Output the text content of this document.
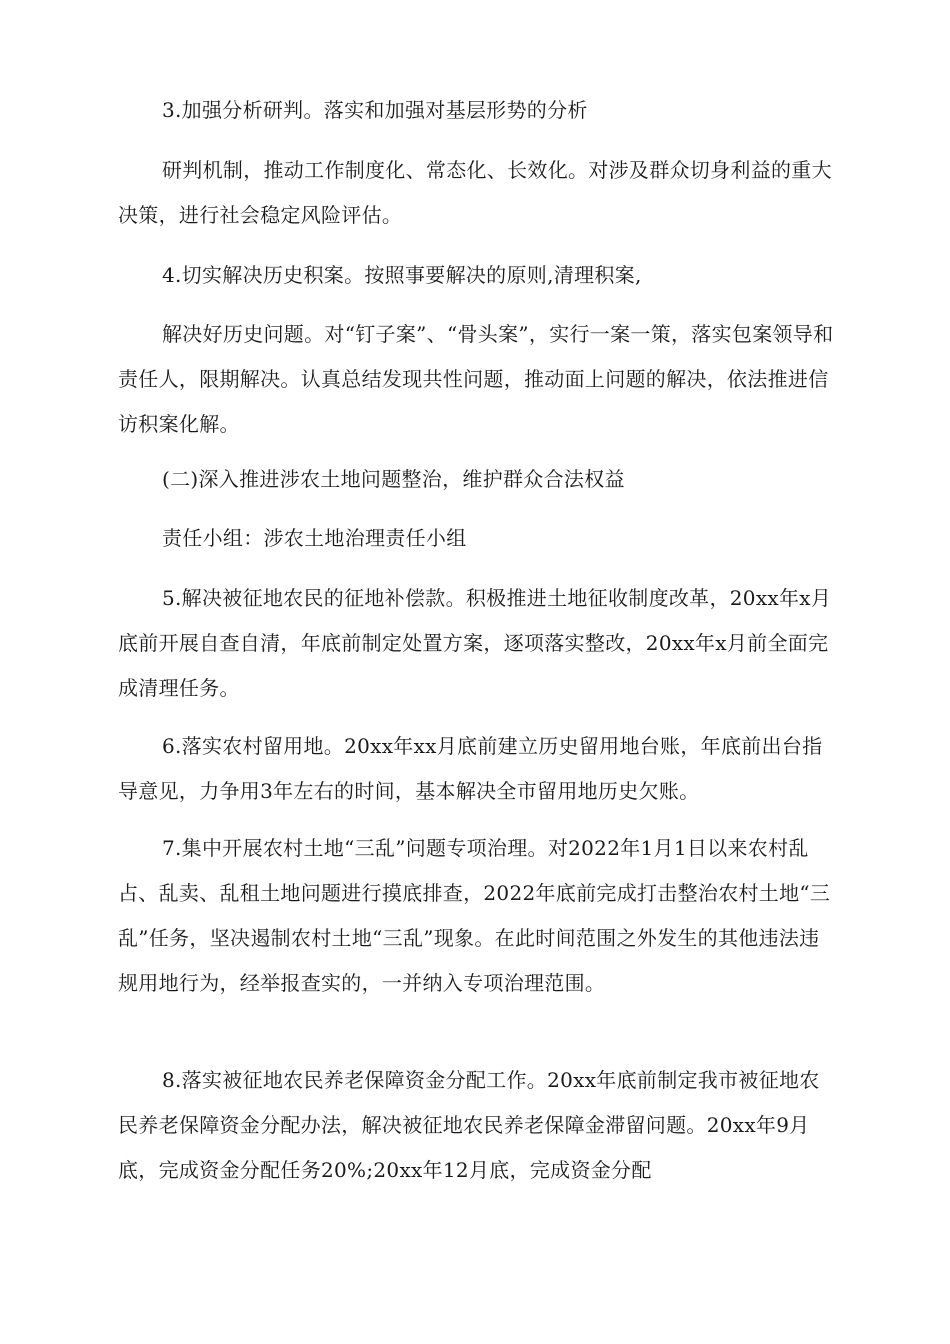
3.加强分析研判。落实和加强对基层形势的分析

研判机制，推动工作制度化、常态化、长效化。对涉及群众切身利益的重大决策，进行社会稳定风险评估。

4.切实解决历史积案。按照事要解决的原则,清理积案,

解决好历史问题。对“钉子案”、“骨头案”，实行一案一策，落实包案领导和责任人，限期解决。认真总结发现共性问题，推动面上问题的解决，依法推进信访积案化解。

(二)深入推进涉农土地问题整治，维护群众合法权益

责任小组：涉农土地治理责任小组

5.解决被征地农民的征地补偿款。积极推进土地征收制度改革，20xx年x月底前开展自查自清，年底前制定处置方案，逐项落实整改，20xx年x月前全面完成清理任务。

6.落实农村留用地。20xx年xx月底前建立历史留用地台账，年底前出台指导意见，力争用3年左右的时间，基本解决全市留用地历史欠账。

7.集中开展农村土地“三乱”问题专项治理。对2022年1月1日以来农村乱占、乱卖、乱租土地问题进行摸底排查，2022年底前完成打击整治农村土地“三乱”任务，坚决遏制农村土地“三乱”现象。在此时间范围之外发生的其他违法违规用地行为，经举报查实的，一并纳入专项治理范围。

8.落实被征地农民养老保障资金分配工作。20xx年底前制定我市被征地农民养老保障资金分配办法，解决被征地农民养老保障金滞留问题。20xx年9月底，完成资金分配任务20%;20xx年12月底，完成资金分配
